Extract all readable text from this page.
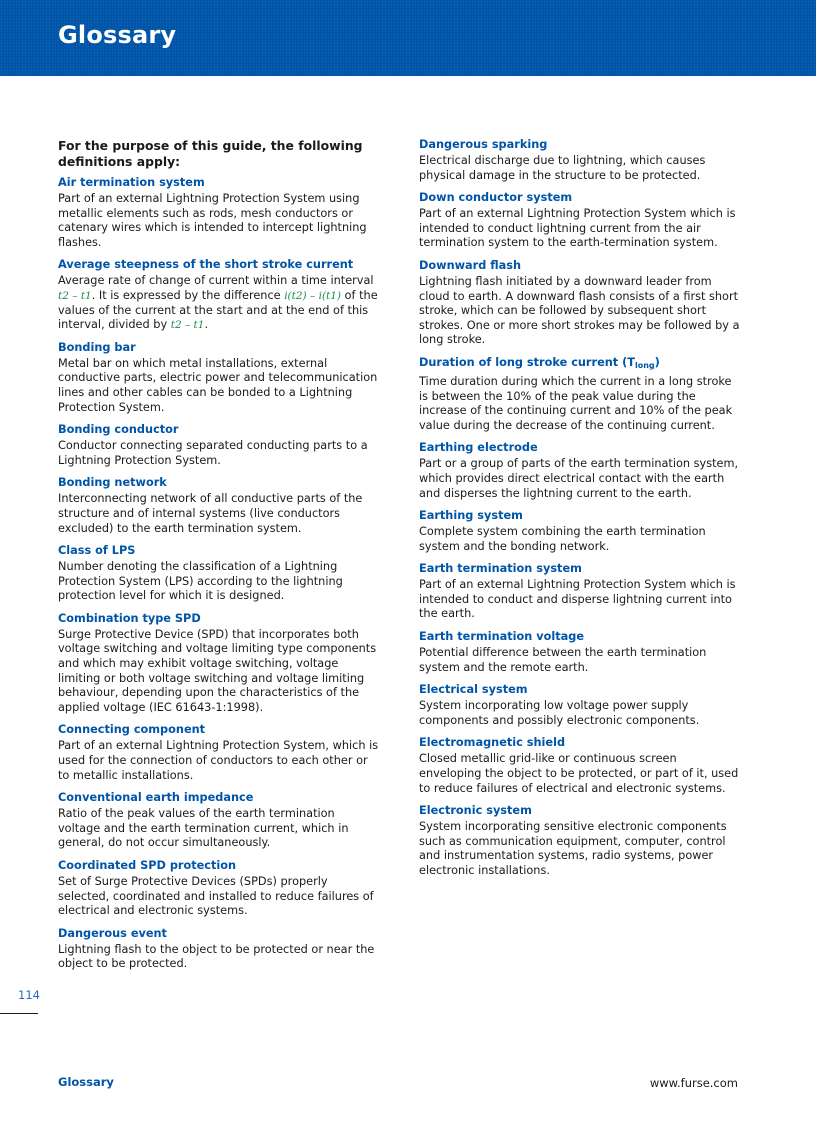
Glossary

For the purpose of this guide, the following definitions apply:

Air termination system

Part of an external Lightning Protection System using metallic elements such as rods, mesh conductors or catenary wires which is intended to intercept lightning flashes.

Average steepness of the short stroke current

Average rate of change of current within a time interval t2 – t1. It is expressed by the difference i(t2) – i(t1) of the values of the current at the start and at the end of this interval, divided by t2 – t1.

Bonding bar

Metal bar on which metal installations, external conductive parts, electric power and telecommunication lines and other cables can be bonded to a Lightning Protection System.

Bonding conductor

Conductor connecting separated conducting parts to a Lightning Protection System.

Bonding network

Interconnecting network of all conductive parts of the structure and of internal systems (live conductors excluded) to the earth termination system.

Class of LPS

Number denoting the classification of a Lightning Protection System (LPS) according to the lightning protection level for which it is designed.

Combination type SPD

Surge Protective Device (SPD) that incorporates both voltage switching and voltage limiting type components and which may exhibit voltage switching, voltage limiting or both voltage switching and voltage limiting behaviour, depending upon the characteristics of the applied voltage (IEC 61643-1:1998).

Connecting component

Part of an external Lightning Protection System, which is used for the connection of conductors to each other or to metallic installations.

Conventional earth impedance

Ratio of the peak values of the earth termination voltage and the earth termination current, which in general, do not occur simultaneously.

Coordinated SPD protection

Set of Surge Protective Devices (SPDs) properly selected, coordinated and installed to reduce failures of electrical and electronic systems.

Dangerous event

Lightning flash to the object to be protected or near the object to be protected.

Dangerous sparking

Electrical discharge due to lightning, which causes physical damage in the structure to be protected.

Down conductor system

Part of an external Lightning Protection System which is intended to conduct lightning current from the air termination system to the earth-termination system.

Downward flash

Lightning flash initiated by a downward leader from cloud to earth. A downward flash consists of a first short stroke, which can be followed by subsequent short strokes. One or more short strokes may be followed by a long stroke.

Duration of long stroke current $(T_{long})$

Time duration during which the current in a long stroke is between the 10% of the peak value during the increase of the continuing current and 10% of the peak value during the decrease of the continuing current.

Earthing electrode

Part or a group of parts of the earth termination system, which provides direct electrical contact with the earth and disperses the lightning current to the earth.

Earthing system

Complete system combining the earth termination system and the bonding network.

Earth termination system

Part of an external Lightning Protection System which is intended to conduct and disperse lightning current into the earth.

Earth termination voltage

Potential difference between the earth termination system and the remote earth.

Electrical system

System incorporating low voltage power supply components and possibly electronic components.

Electromagnetic shield

Closed metallic grid-like or continuous screen enveloping the object to be protected, or part of it, used to reduce failures of electrical and electronic systems.

Electronic system

System incorporating sensitive electronic components such as communication equipment, computer, control and instrumentation systems, radio systems, power electronic installations.

114
Glossary	www.furse.com
